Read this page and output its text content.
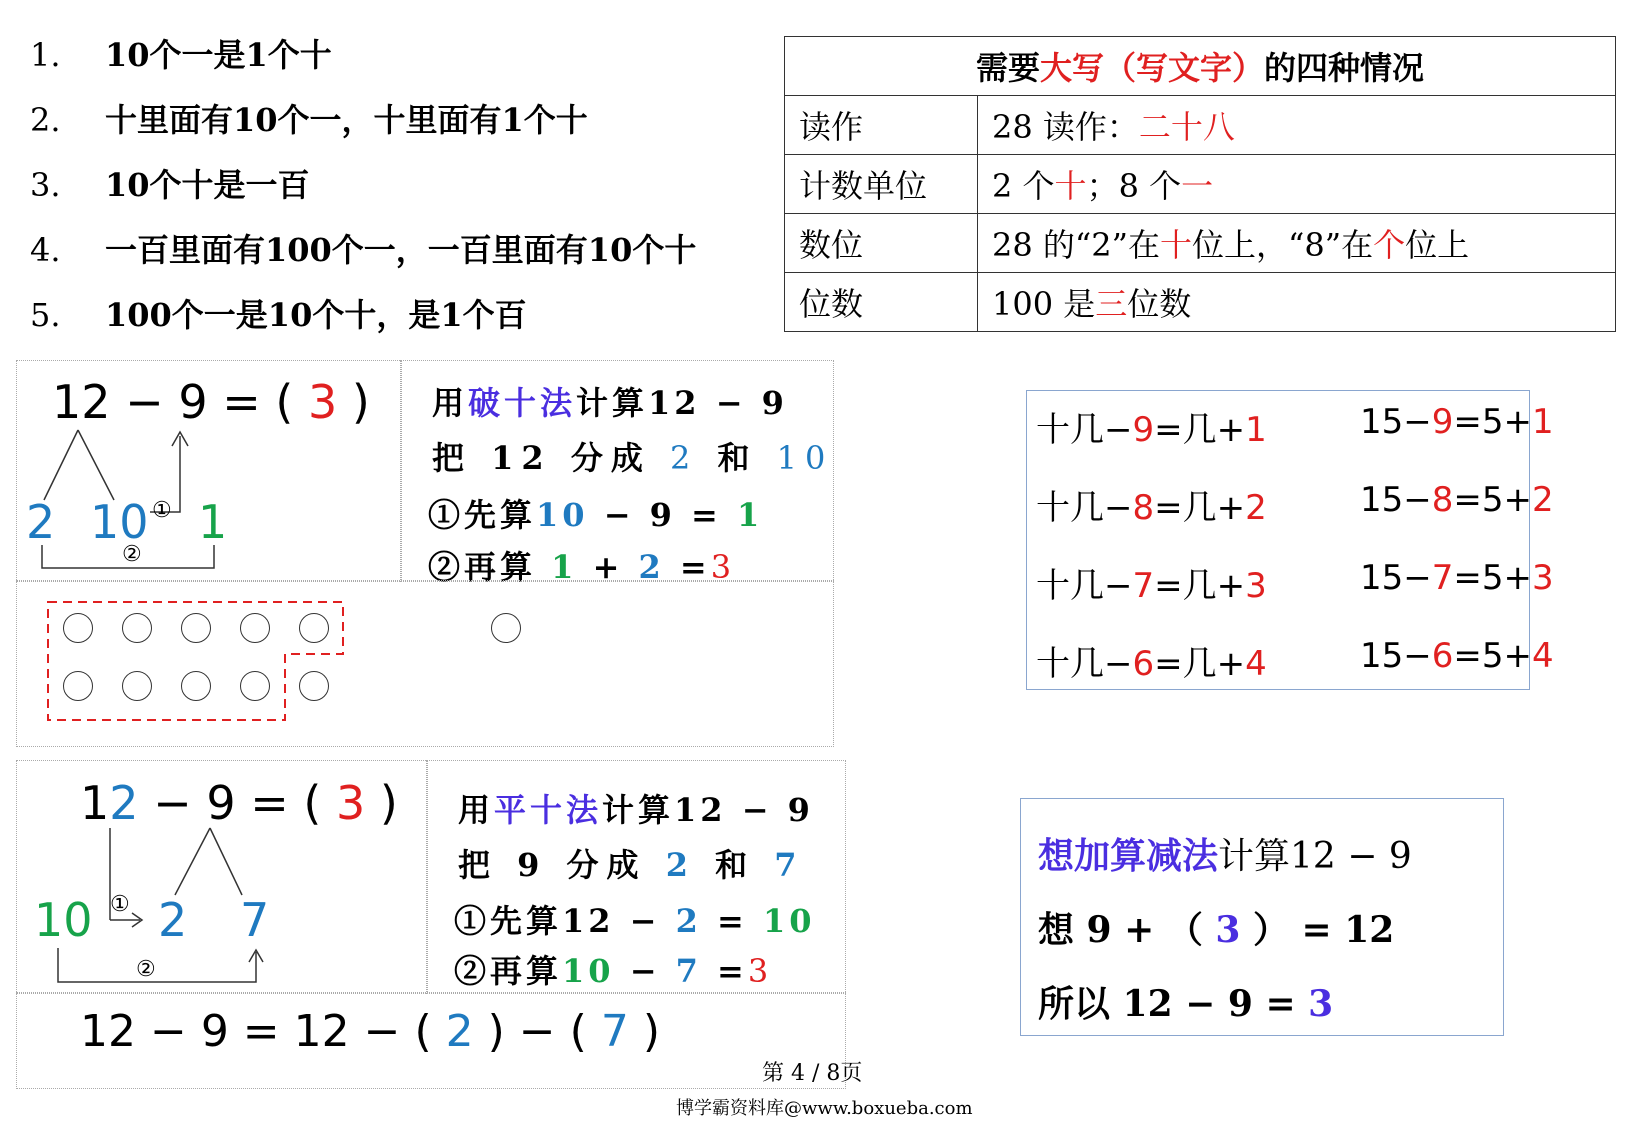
1. 10个一是1个十
2. 十里面有10个一，十里面有1个十
3. 10个十是一百
4. 一百里面有100个一，一百里面有10个十
5. 100个一是10个十，是1个百
需要大写（写文字）的四种情况	
读作	28 读作：二十八
计数单位	2 个十；8 个一
数位	28 的“2”在十位上，“8”在个位上
位数	100 是三位数
12 − 9 = ( 3 )
2 10 ① 1
②
用破十法计算12 − 9
把 12 分成 2 和 10
①先算10 − 9 = 1
②再算 1 + 2 =3
12 − 9 = ( 3 )
10 ① 2 7
②
用平十法计算12 − 9
把 9 分成 2 和 7
①先算12 − 2 = 10
②再算10 − 7 =3
12 − 9 = 12 − ( 2 ) − ( 7 )
十几−9=几+1	15−9=5+1
十几−8=几+2	15−8=5+2
十几−7=几+3	15−7=5+3
十几−6=几+4	15−6=5+4
想加算减法计算12 − 9
想 9 + （ 3 ） = 12
所以 12 − 9 = 3
第 4 / 8页
博学霸资料库@www.boxueba.com
